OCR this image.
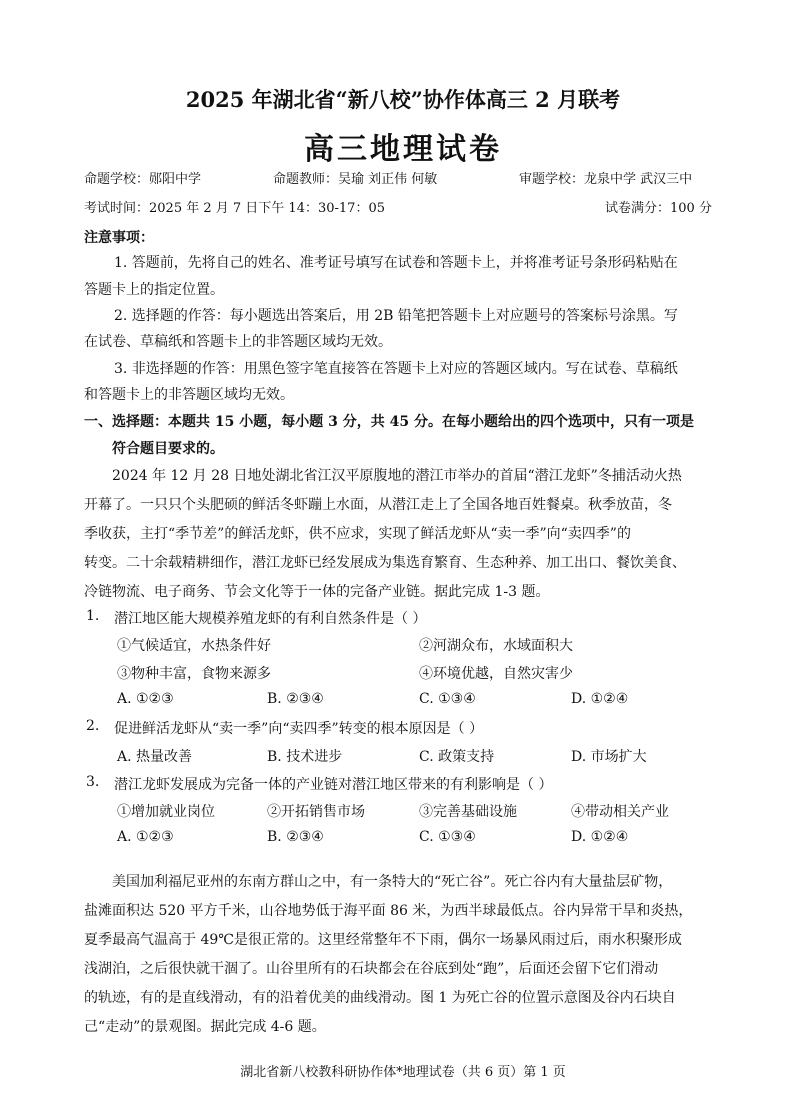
2025 年湖北省“新八校”协作体高三 2 月联考
高三地理试卷
命题学校：郧阳中学	命题教师：吴瑜 刘正伟 何敏	审题学校：龙泉中学 武汉三中
考试时间：2025 年 2 月 7 日下午 14：30-17：05	试卷满分：100 分
注意事项：
1. 答题前，先将自己的姓名、准考证号填写在试卷和答题卡上，并将准考证号条形码粘贴在
答题卡上的指定位置。
2. 选择题的作答：每小题选出答案后，用 2B 铅笔把答题卡上对应题号的答案标号涂黑。写
在试卷、草稿纸和答题卡上的非答题区域均无效。
3. 非选择题的作答：用黑色签字笔直接答在答题卡上对应的答题区域内。写在试卷、草稿纸
和答题卡上的非答题区域均无效。
一、选择题：本题共 15 小题，每小题 3 分，共 45 分。在每小题给出的四个选项中，只有一项是
符合题目要求的。
2024 年 12 月 28 日地处湖北省江汉平原腹地的潜江市举办的首届“潜江龙虾”冬捕活动火热
开幕了。一只只个头肥硕的鲜活冬虾蹦上水面，从潜江走上了全国各地百姓餐桌。秋季放苗，冬
季收获，主打“季节差”的鲜活龙虾，供不应求，实现了鲜活龙虾从“卖一季”向“卖四季”的
转变。二十余载精耕细作，潜江龙虾已经发展成为集选育繁育、生态种养、加工出口、餐饮美食、
冷链物流、电子商务、节会文化等于一体的完备产业链。据此完成 1-3 题。
1. 潜江地区能大规模养殖龙虾的有利自然条件是（ ）
①气候适宜，水热条件好	②河湖众布，水域面积大
③物种丰富，食物来源多	④环境优越，自然灾害少
A. ①②③	B. ②③④	C. ①③④	D. ①②④
2. 促进鲜活龙虾从“卖一季”向“卖四季”转变的根本原因是（ ）
A. 热量改善	B. 技术进步	C. 政策支持	D. 市场扩大
3. 潜江龙虾发展成为完备一体的产业链对潜江地区带来的有利影响是（ ）
①增加就业岗位	②开拓销售市场	③完善基础设施	④带动相关产业
A. ①②③	B. ②③④	C. ①③④	D. ①②④
美国加利福尼亚州的东南方群山之中，有一条特大的“死亡谷”。死亡谷内有大量盐层矿物，
盐滩面积达 520 平方千米，山谷地势低于海平面 86 米，为西半球最低点。谷内异常干旱和炎热，
夏季最高气温高于 49℃是很正常的。这里经常整年不下雨，偶尔一场暴风雨过后，雨水积聚形成
浅湖泊，之后很快就干涸了。山谷里所有的石块都会在谷底到处“跑”，后面还会留下它们滑动
的轨迹，有的是直线滑动，有的沿着优美的曲线滑动。图 1 为死亡谷的位置示意图及谷内石块自
己“走动”的景观图。据此完成 4-6 题。
湖北省新八校教科研协作体*地理试卷（共 6 页）第 1 页
